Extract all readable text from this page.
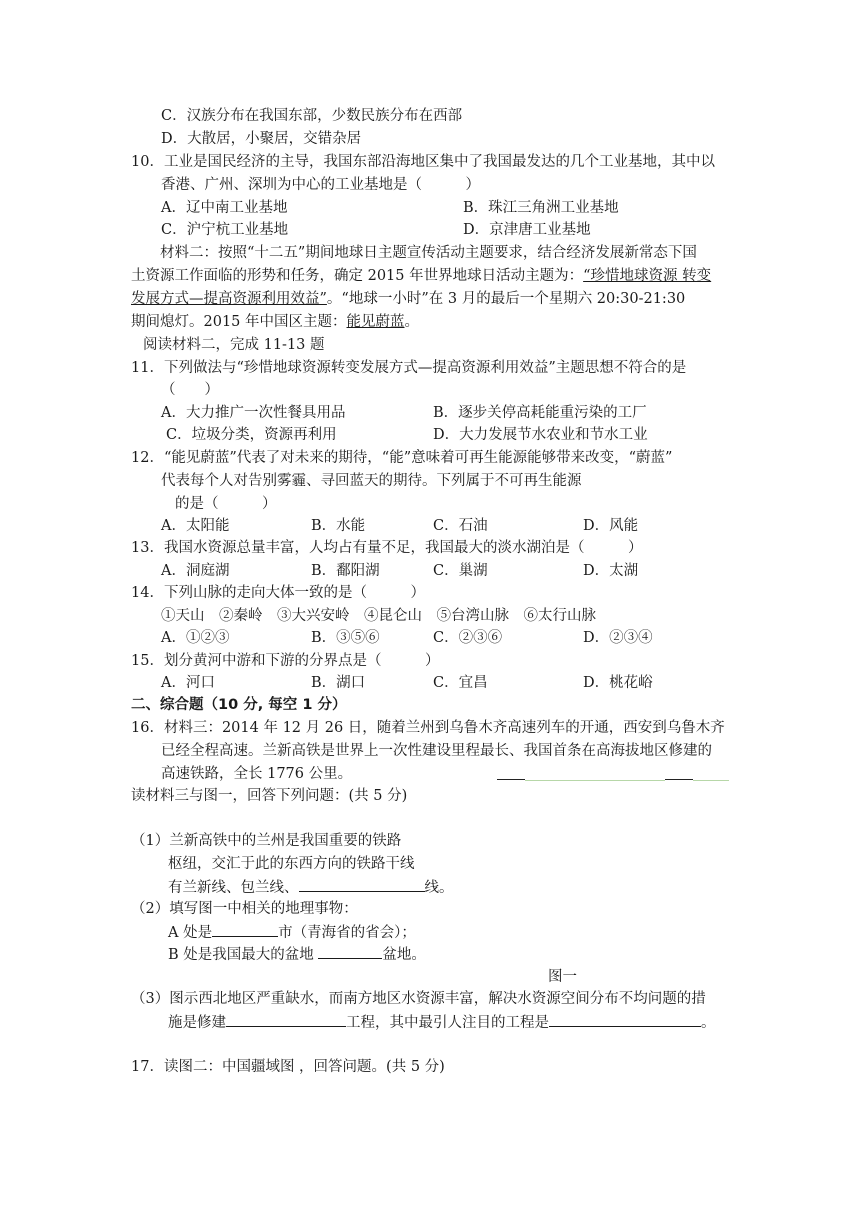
C．汉族分布在我国东部，少数民族分布在西部
D．大散居，小聚居，交错杂居
10．工业是国民经济的主导，我国东部沿海地区集中了我国最发达的几个工业基地，其中以
香港、广州、深圳为中心的工业基地是（　　　）
A．辽中南工业基地	B．珠江三角洲工业基地
C．沪宁杭工业基地	D．京津唐工业基地
材料二：按照“十二五”期间地球日主题宣传活动主题要求，结合经济发展新常态下国
土资源工作面临的形势和任务，确定 2015 年世界地球日活动主题为：“珍惜地球资源 转变
发展方式—提高资源利用效益”。“地球一小时”在 3 月的最后一个星期六 20:30-21:30
期间熄灯。2015 年中国区主题：能见蔚蓝。
阅读材料二，完成 11-13 题
11．下列做法与“珍惜地球资源转变发展方式—提高资源利用效益”主题思想不符合的是
（　　）
A．大力推广一次性餐具用品	B．逐步关停高耗能重污染的工厂
C．垃圾分类，资源再利用	D．大力发展节水农业和节水工业
12．“能见蔚蓝”代表了对未来的期待，“能”意味着可再生能源能够带来改变，“蔚蓝”
代表每个人对告别雾霾、寻回蓝天的期待。下列属于不可再生能源
的是（　　　）
A．太阳能	B．水能	C．石油	D．风能
13．我国水资源总量丰富，人均占有量不足，我国最大的淡水湖泊是（　　　）
A．洞庭湖	B．鄱阳湖	C．巢湖	D．太湖
14．下列山脉的走向大体一致的是（　　　）
①天山　②秦岭　③大兴安岭　④昆仑山　⑤台湾山脉　⑥太行山脉
A．①②③	B．③⑤⑥	C．②③⑥	D．②③④
15．划分黄河中游和下游的分界点是（　　　）
A．河口	B．湖口	C．宜昌	D．桃花峪
二、综合题（10 分, 每空 1 分）
16．材料三：2014 年 12 月 26 日，随着兰州到乌鲁木齐高速列车的开通，西安到乌鲁木齐
已经全程高速。兰新高铁是世界上一次性建设里程最长、我国首条在高海拔地区修建的
高速铁路，全长 1776 公里。
读材料三与图一，回答下列问题：(共 5 分)
（1）兰新高铁中的兰州是我国重要的铁路
枢纽，交汇于此的东西方向的铁路干线
有兰新线、包兰线、	线。
（2）填写图一中相关的地理事物：
A 处是	市（青海省的省会）；
B 处是我国最大的盆地	盆地。
图一
（3）图示西北地区严重缺水，而南方地区水资源丰富，解决水资源空间分布不均问题的措
施是修建	工程，其中最引人注目的工程是	。
17．读图二：中国疆域图 ，回答问题。(共 5 分)
